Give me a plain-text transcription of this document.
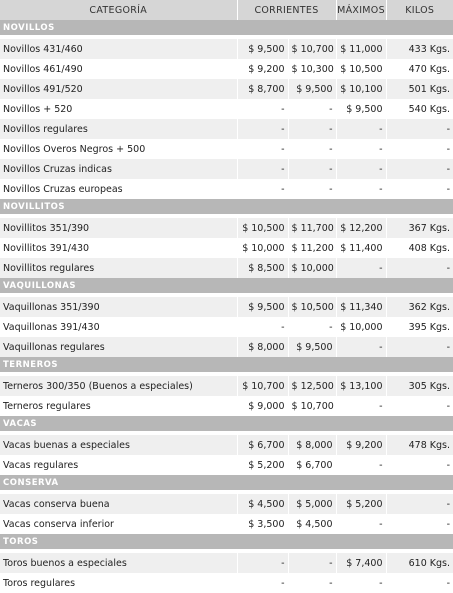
CATEGORÍA	CORRIENTES		MÁXIMOS	KILOS
NOVILLOS				

Novillos 431/460	$ 9,500	$ 10,700	$ 11,000	433 Kgs.
Novillos 461/490	$ 9,200	$ 10,300	$ 10,500	470 Kgs.
Novillos 491/520	$ 8,700	$ 9,500	$ 10,100	501 Kgs.
Novillos + 520	-	-	$ 9,500	540 Kgs.
Novillos regulares	-	-	-	-
Novillos Overos Negros + 500	-	-	-	-
Novillos Cruzas indicas	-	-	-	-
Novillos Cruzas europeas	-	-	-	-
NOVILLITOS				

Novillitos 351/390	$ 10,500	$ 11,700	$ 12,200	367 Kgs.
Novillitos 391/430	$ 10,000	$ 11,200	$ 11,400	408 Kgs.
Novillitos regulares	$ 8,500	$ 10,000	-	-
VAQUILLONAS				

Vaquillonas 351/390	$ 9,500	$ 10,500	$ 11,340	362 Kgs.
Vaquillonas 391/430	-	-	$ 10,000	395 Kgs.
Vaquillonas regulares	$ 8,000	$ 9,500	-	-
TERNEROS				

Terneros 300/350 (Buenos a especiales)	$ 10,700	$ 12,500	$ 13,100	305 Kgs.
Terneros regulares	$ 9,000	$ 10,700	-	-
VACAS				

Vacas buenas a especiales	$ 6,700	$ 8,000	$ 9,200	478 Kgs.
Vacas regulares	$ 5,200	$ 6,700	-	-
CONSERVA				

Vacas conserva buena	$ 4,500	$ 5,000	$ 5,200	-
Vacas conserva inferior	$ 3,500	$ 4,500	-	-
TOROS				

Toros buenos a especiales	-	-	$ 7,400	610 Kgs.
Toros regulares	-	-	-	-
